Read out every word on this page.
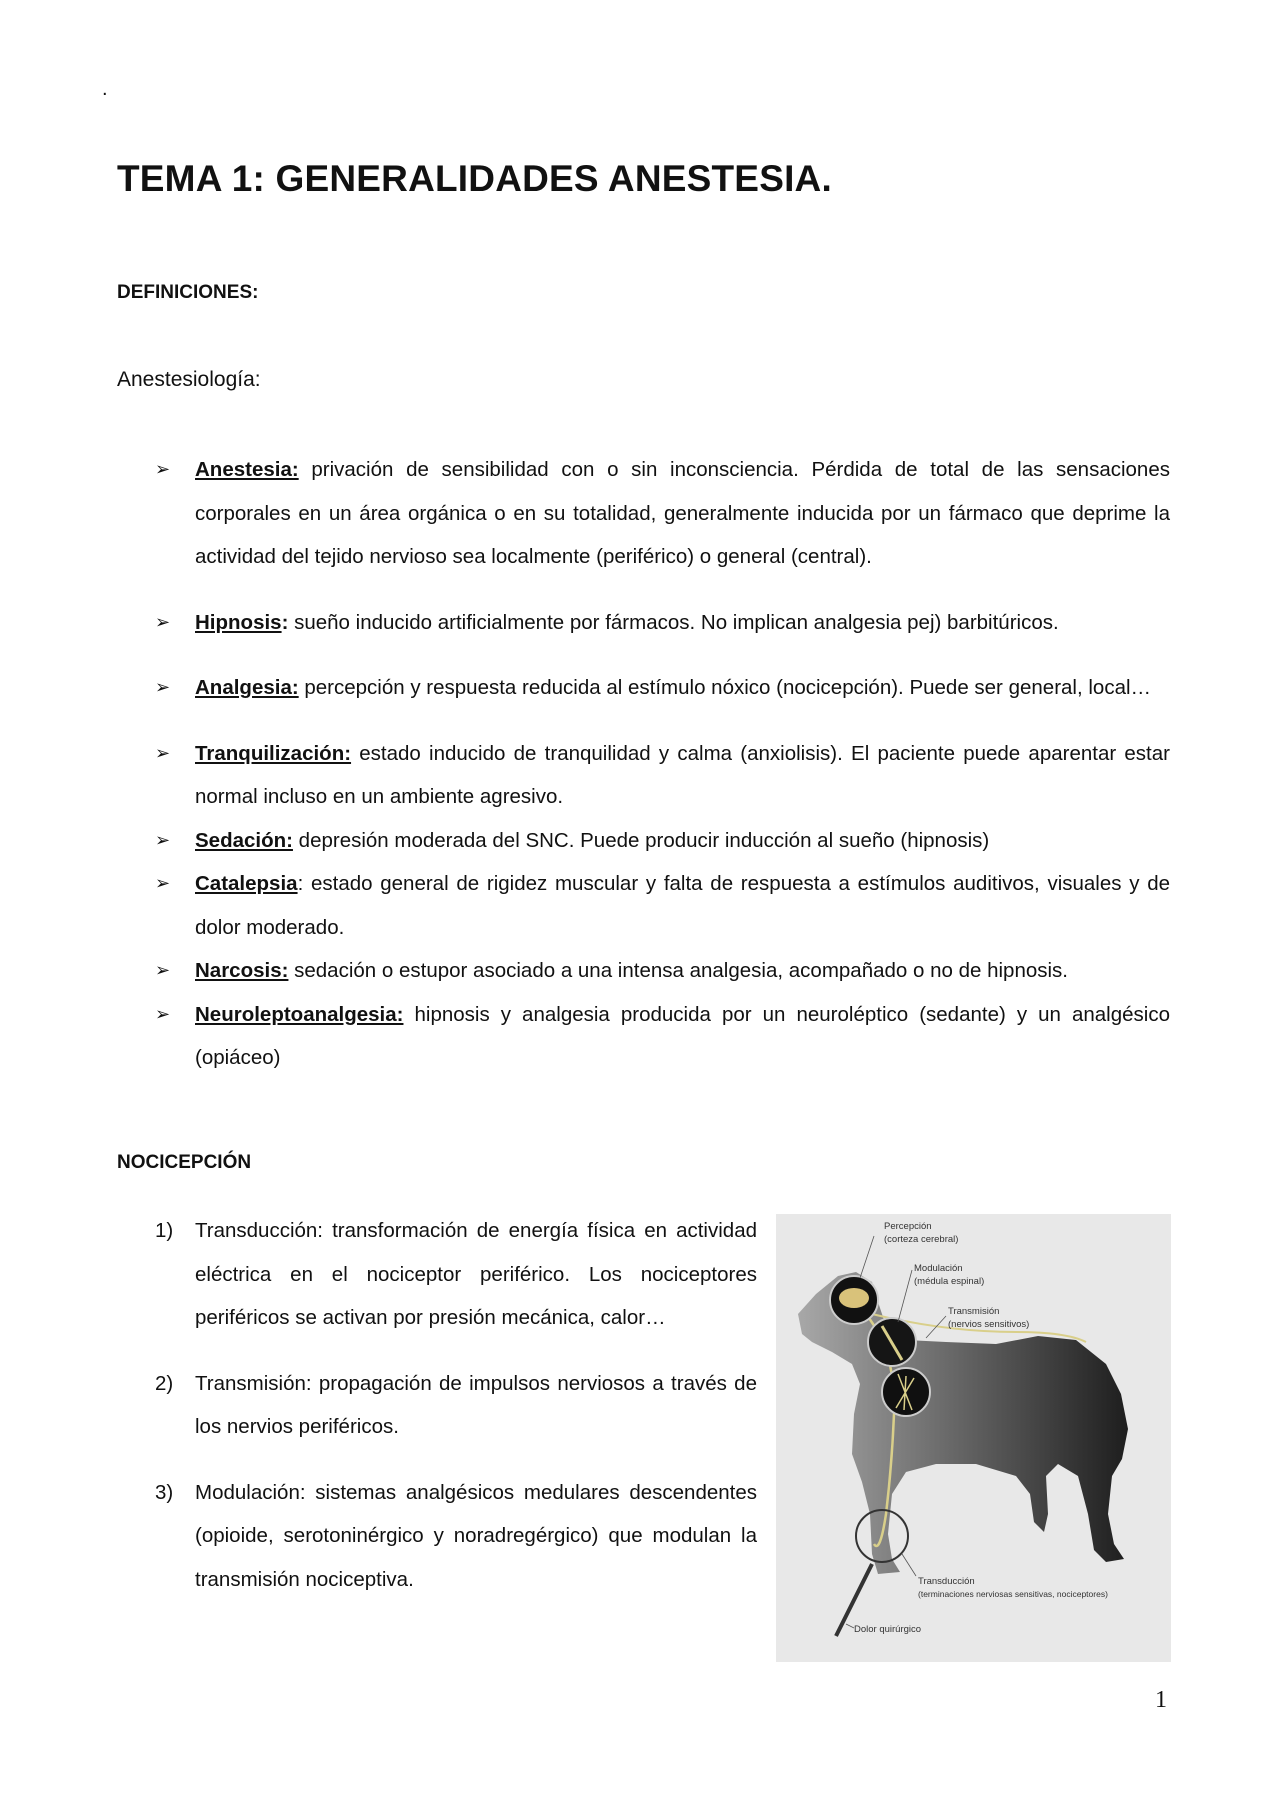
.
TEMA 1: GENERALIDADES ANESTESIA.
DEFINICIONES:
Anestesiología:
➢ Anestesia: privación de sensibilidad con o sin inconsciencia. Pérdida de total de las sensaciones corporales en un área orgánica o en su totalidad, generalmente inducida por un fármaco que deprime la actividad del tejido nervioso sea localmente (periférico) o general (central).
➢ Hipnosis: sueño inducido artificialmente por fármacos. No implican analgesia pej) barbitúricos.
➢ Analgesia: percepción y respuesta reducida al estímulo nóxico (nocicepción). Puede ser general, local…
➢ Tranquilización: estado inducido de tranquilidad y calma (anxiolisis). El paciente puede aparentar estar normal incluso en un ambiente agresivo.
➢ Sedación: depresión moderada del SNC. Puede producir inducción al sueño (hipnosis)
➢ Catalepsia: estado general de rigidez muscular y falta de respuesta a estímulos auditivos, visuales y de dolor moderado.
➢ Narcosis: sedación o estupor asociado a una intensa analgesia, acompañado o no de hipnosis.
➢ Neuroleptoanalgesia: hipnosis y analgesia producida por un neuroléptico (sedante) y un analgésico (opiáceo)
NOCICEPCIÓN
1) Transducción: transformación de energía física en actividad eléctrica en el nociceptor periférico. Los nociceptores periféricos se activan por presión mecánica, calor…
2) Transmisión: propagación de impulsos nerviosos a través de los nervios periféricos.
3) Modulación: sistemas analgésicos medulares descendentes (opioide, serotoninérgico y noradregérgico) que modulan la transmisión nociceptiva.
Percepción
(corteza cerebral)
Modulación
(médula espinal)
Transmisión
(nervios sensitivos)
Transducción
(terminaciones nerviosas sensitivas, nociceptores)
Dolor quirúrgico
1
